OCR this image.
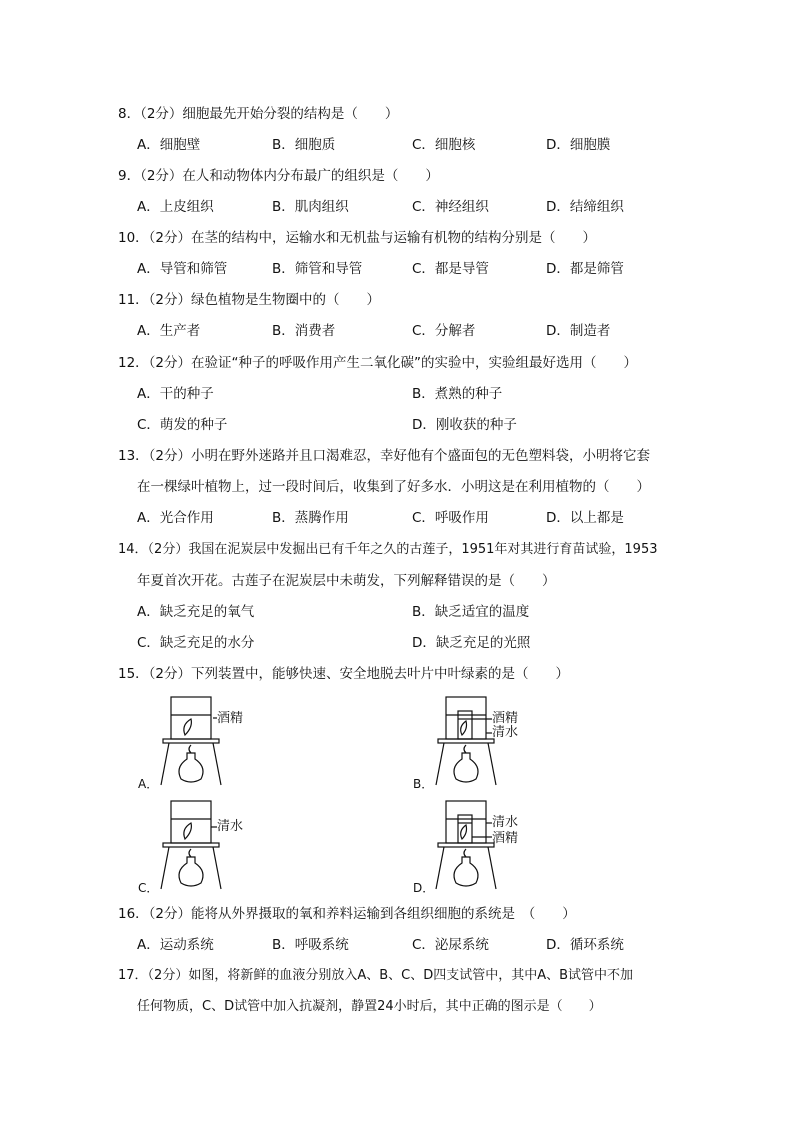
8．（2分）细胞最先开始分裂的结构是（　　）
A．细胞壁	B．细胞质	C．细胞核	D．细胞膜
9．（2分）在人和动物体内分布最广的组织是（　　）
A．上皮组织	B．肌肉组织	C．神经组织	D．结缔组织
10．（2分）在茎的结构中，运输水和无机盐与运输有机物的结构分别是（　　）
A．导管和筛管	B．筛管和导管	C．都是导管	D．都是筛管
11．（2分）绿色植物是生物圈中的（　　）
A．生产者	B．消费者	C．分解者	D．制造者
12．（2分）在验证“种子的呼吸作用产生二氧化碳”的实验中，实验组最好选用（　　）
A．干的种子	B．煮熟的种子
C．萌发的种子	D．刚收获的种子
13．（2分）小明在野外迷路并且口渴难忍，幸好他有个盛面包的无色塑料袋，小明将它套
在一棵绿叶植物上，过一段时间后，收集到了好多水．小明这是在利用植物的（　　）
A．光合作用	B．蒸腾作用	C．呼吸作用	D．以上都是
14．（2分）我国在泥炭层中发掘出已有千年之久的古莲子，1951年对其进行育苗试验，1953
年夏首次开花。古莲子在泥炭层中未萌发，下列解释错误的是（　　）
A．缺乏充足的氧气	B．缺乏适宜的温度
C．缺乏充足的水分	D．缺乏充足的光照
15．（2分）下列装置中，能够快速、安全地脱去叶片中叶绿素的是（　　）
A．
酒精
B．
酒精
清水
C．
清水
D．
清水
酒精
16．（2分）能将从外界摄取的氧和养料运输到各组织细胞的系统是　（　　）
A．运动系统	B．呼吸系统	C．泌尿系统	D．循环系统
17．（2分）如图，将新鲜的血液分别放入A、B、C、D四支试管中，其中A、B试管中不加
任何物质，C、D试管中加入抗凝剂，静置24小时后，其中正确的图示是（　　）
